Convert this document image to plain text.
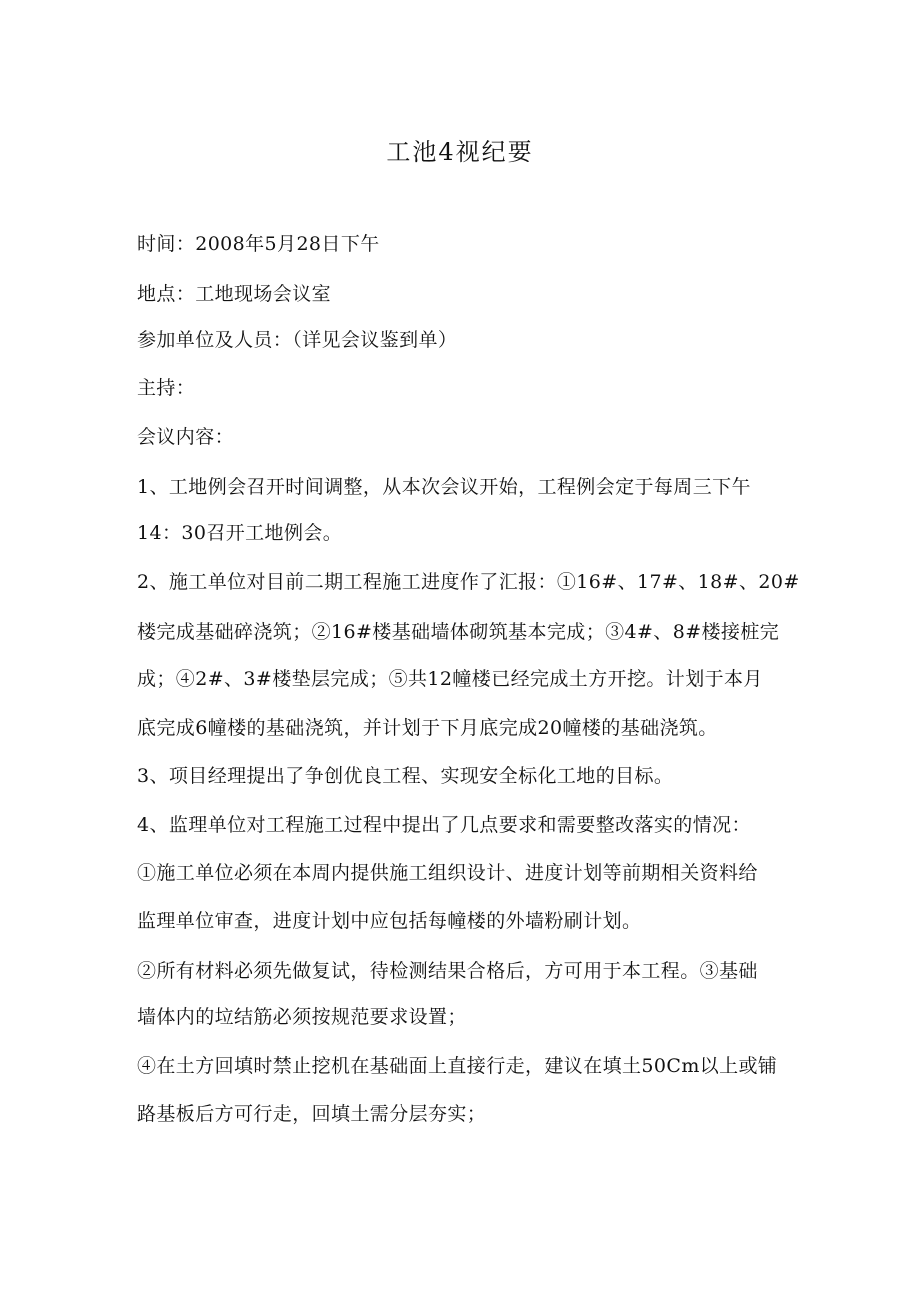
工池4视纪要
时间：2008年5月28日下午
地点：工地现场会议室
参加单位及人员：（详见会议鉴到单）
主持：
会议内容：
1、工地例会召开时间调整，从本次会议开始，工程例会定于每周三下午
14：30召开工地例会。
2、施工单位对目前二期工程施工进度作了汇报：①16#、17#、18#、20#
楼完成基础碎浇筑；②16#楼基础墙体砌筑基本完成；③4#、8#楼接桩完
成；④2#、3#楼垫层完成；⑤共12幢楼已经完成土方开挖。计划于本月
底完成6幢楼的基础浇筑，并计划于下月底完成20幢楼的基础浇筑。
3、项目经理提出了争创优良工程、实现安全标化工地的目标。
4、监理单位对工程施工过程中提出了几点要求和需要整改落实的情况：
①施工单位必须在本周内提供施工组织设计、进度计划等前期相关资料给
监理单位审查，进度计划中应包括每幢楼的外墙粉刷计划。
②所有材料必须先做复试，待检测结果合格后，方可用于本工程。③基础
墙体内的垃结筋必须按规范要求设置；
④在土方回填时禁止挖机在基础面上直接行走，建议在填土50Cm以上或铺
路基板后方可行走，回填土需分层夯实；
